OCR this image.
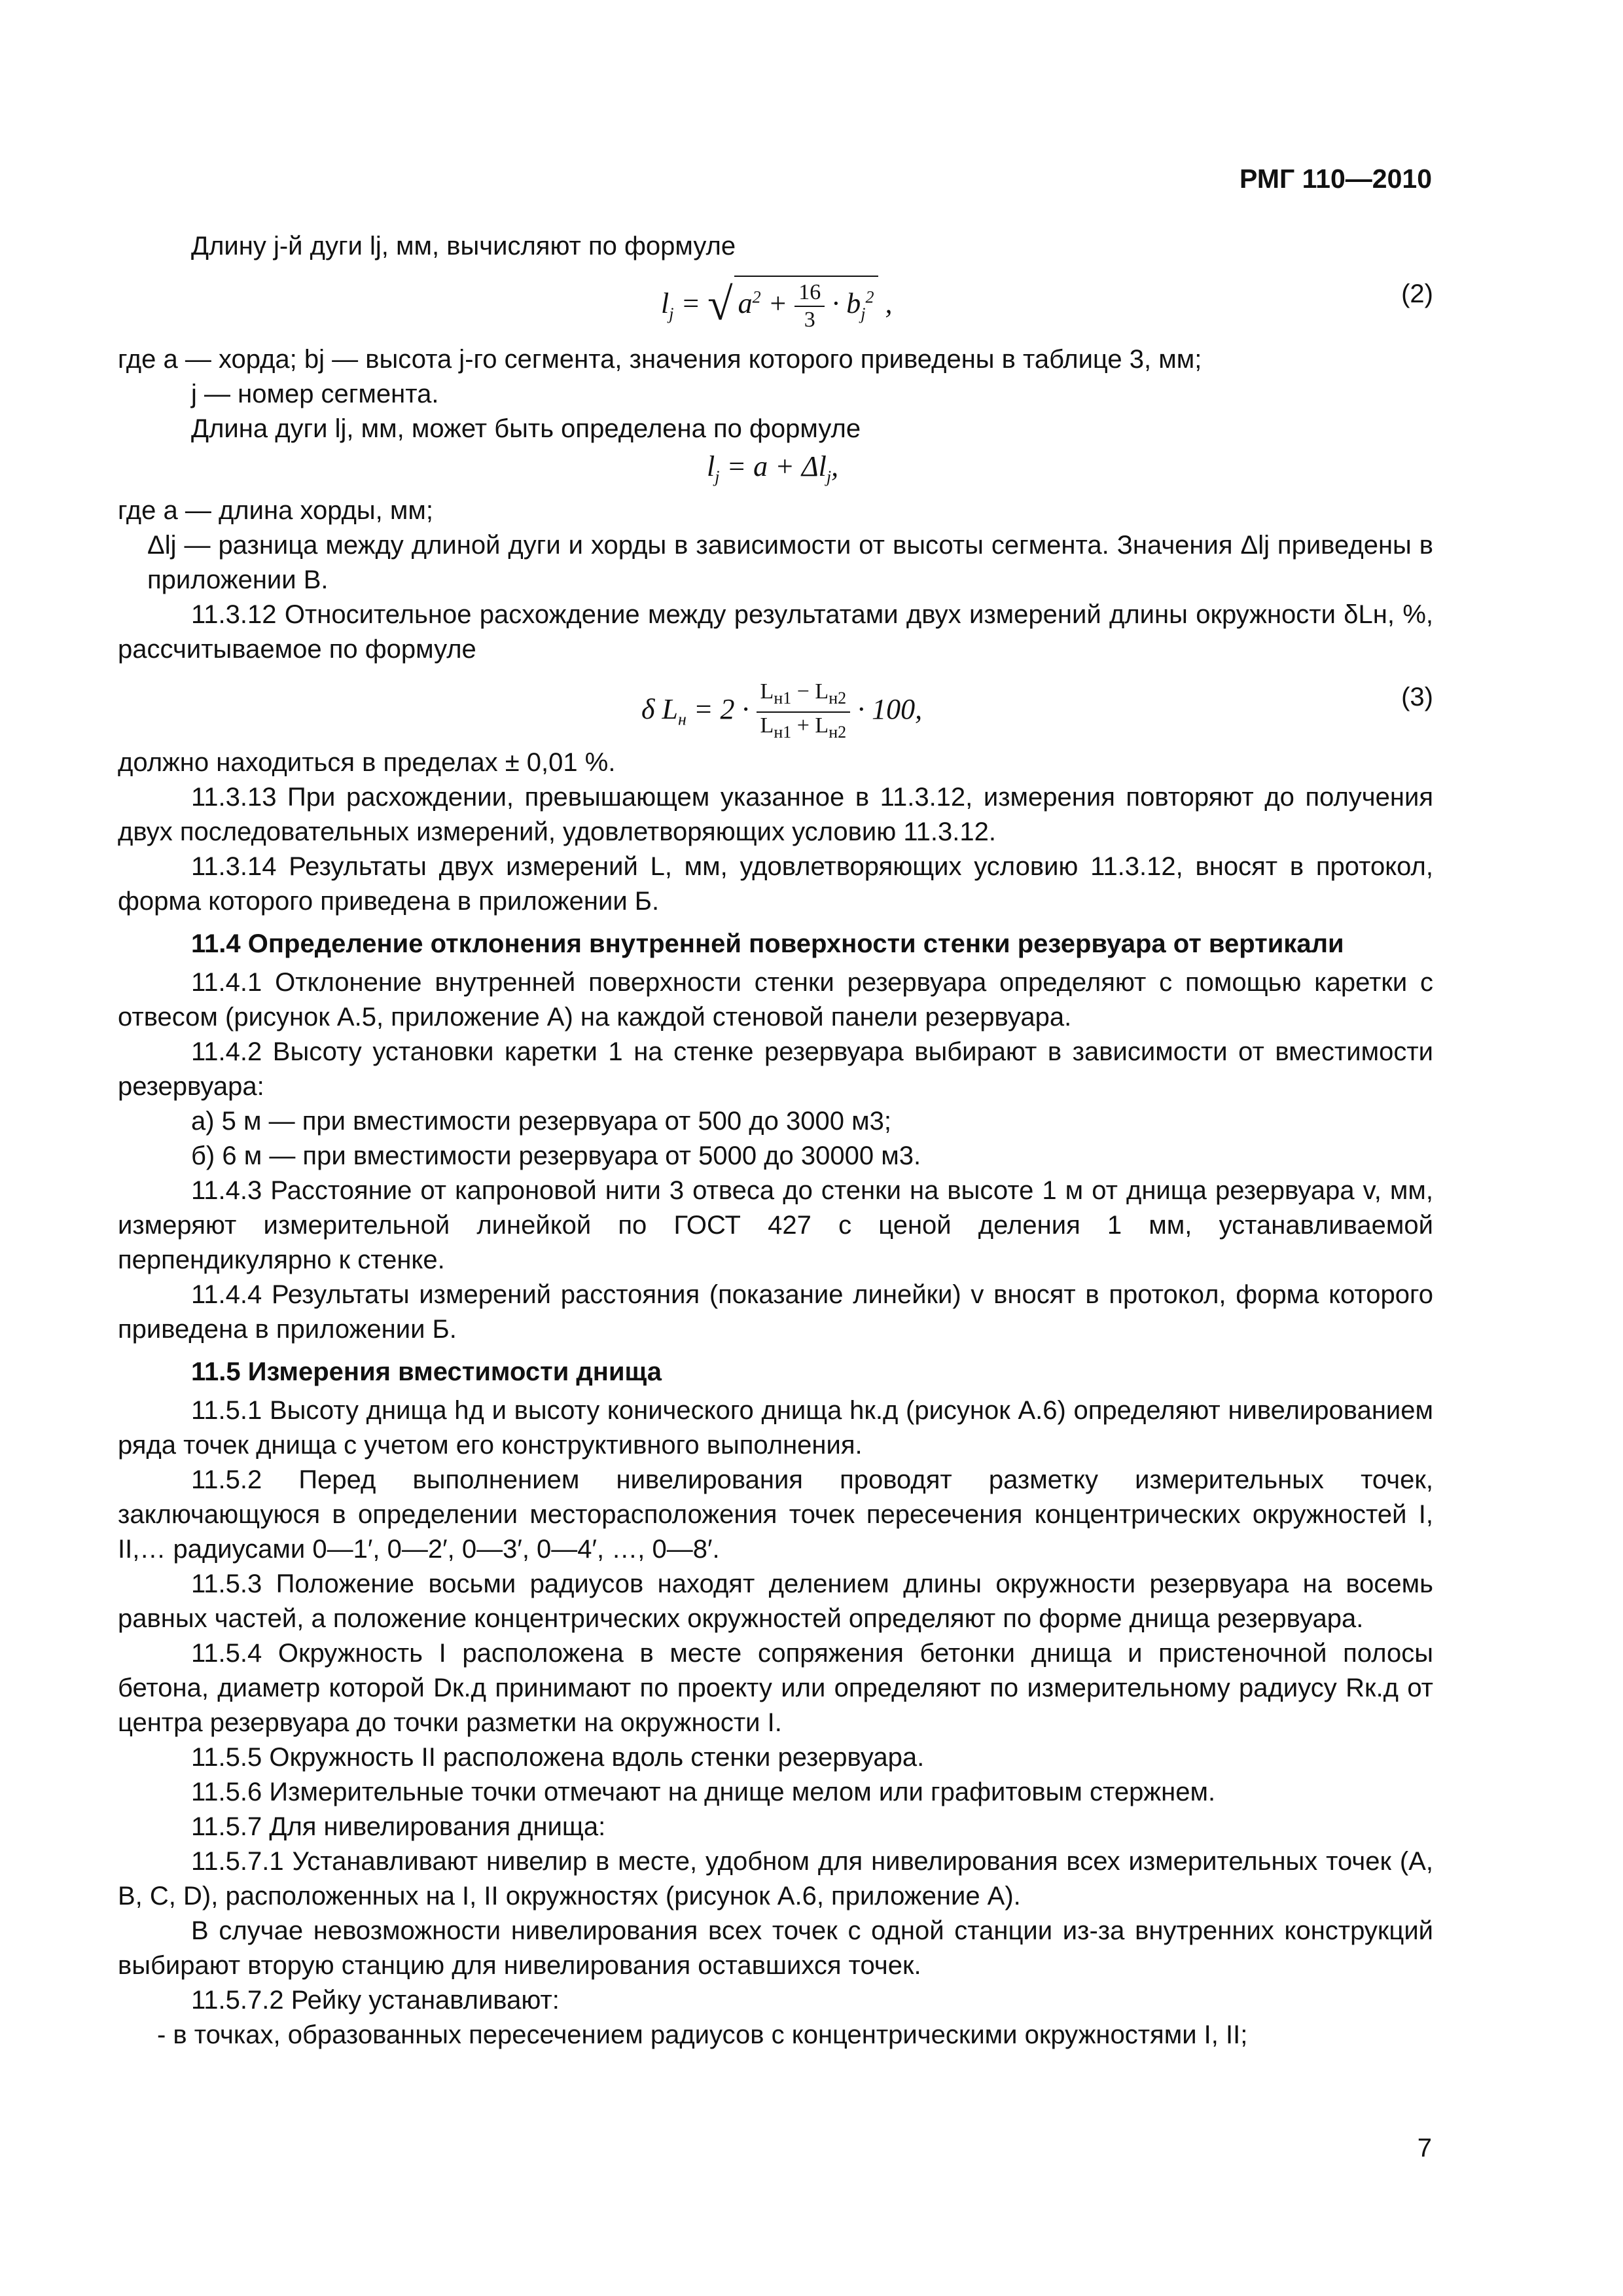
РМГ 110—2010

Длину j-й дуги lj, мм, вычисляют по формуле

$l_j$ = √ $a^2 + \frac{16}{3} \cdot b_j^2$ ,	(2)

где a — хорда; bj — высота j-го сегмента, значения которого приведены в таблице 3, мм;

j — номер сегмента.

Длина дуги lj, мм, может быть определена по формуле

$l_j = a + \Delta l_j$,

где a — длина хорды, мм;

Δlj — разница между длиной дуги и хорды в зависимости от высоты сегмента. Значения Δlj приведены в приложении В.

11.3.12 Относительное расхождение между результатами двух измерений длины окружности δLн, %, рассчитываемое по формуле

δ $L_н = 2 \cdot \frac{L_{н1} - L_{н2}}{L_{н1} + L_{н2}} \cdot 100$,	(3)

должно находиться в пределах ± 0,01 %.

11.3.13 При расхождении, превышающем указанное в 11.3.12, измерения повторяют до получения двух последовательных измерений, удовлетворяющих условию 11.3.12.

11.3.14 Результаты двух измерений L, мм, удовлетворяющих условию 11.3.12, вносят в протокол, форма которого приведена в приложении Б.

11.4 Определение отклонения внутренней поверхности стенки резервуара от вертикали

11.4.1 Отклонение внутренней поверхности стенки резервуара определяют с помощью каретки с отвесом (рисунок А.5, приложение А) на каждой стеновой панели резервуара.

11.4.2 Высоту установки каретки 1 на стенке резервуара выбирают в зависимости от вместимости резервуара:

а) 5 м — при вместимости резервуара от 500 до 3000 м3;

б) 6 м — при вместимости резервуара от 5000 до 30000 м3.

11.4.3 Расстояние от капроновой нити 3 отвеса до стенки на высоте 1 м от днища резервуара v, мм, измеряют измерительной линейкой по ГОСТ 427 с ценой деления 1 мм, устанавливаемой перпендикулярно к стенке.

11.4.4 Результаты измерений расстояния (показание линейки) v вносят в протокол, форма которого приведена в приложении Б.

11.5 Измерения вместимости днища

11.5.1 Высоту днища hд и высоту конического днища hк.д (рисунок А.6) определяют нивелированием ряда точек днища с учетом его конструктивного выполнения.

11.5.2 Перед выполнением нивелирования проводят разметку измерительных точек, заключающуюся в определении месторасположения точек пересечения концентрических окружностей I, II,… радиусами 0—1′, 0—2′, 0—3′, 0—4′, …, 0—8′.

11.5.3 Положение восьми радиусов находят делением длины окружности резервуара на восемь равных частей, а положение концентрических окружностей определяют по форме днища резервуара.

11.5.4 Окружность I расположена в месте сопряжения бетонки днища и пристеночной полосы бетона, диаметр которой Dк.д принимают по проекту или определяют по измерительному радиусу Rк.д от центра резервуара до точки разметки на окружности I.

11.5.5 Окружность II расположена вдоль стенки резервуара.

11.5.6 Измерительные точки отмечают на днище мелом или графитовым стержнем.

11.5.7 Для нивелирования днища:

11.5.7.1 Устанавливают нивелир в месте, удобном для нивелирования всех измерительных точек (A, B, C, D), расположенных на I, II окружностях (рисунок А.6, приложение А).

В случае невозможности нивелирования всех точек с одной станции из-за внутренних конструкций выбирают вторую станцию для нивелирования оставшихся точек.

11.5.7.2 Рейку устанавливают:

- в точках, образованных пересечением радиусов с концентрическими окружностями I, II;

7
